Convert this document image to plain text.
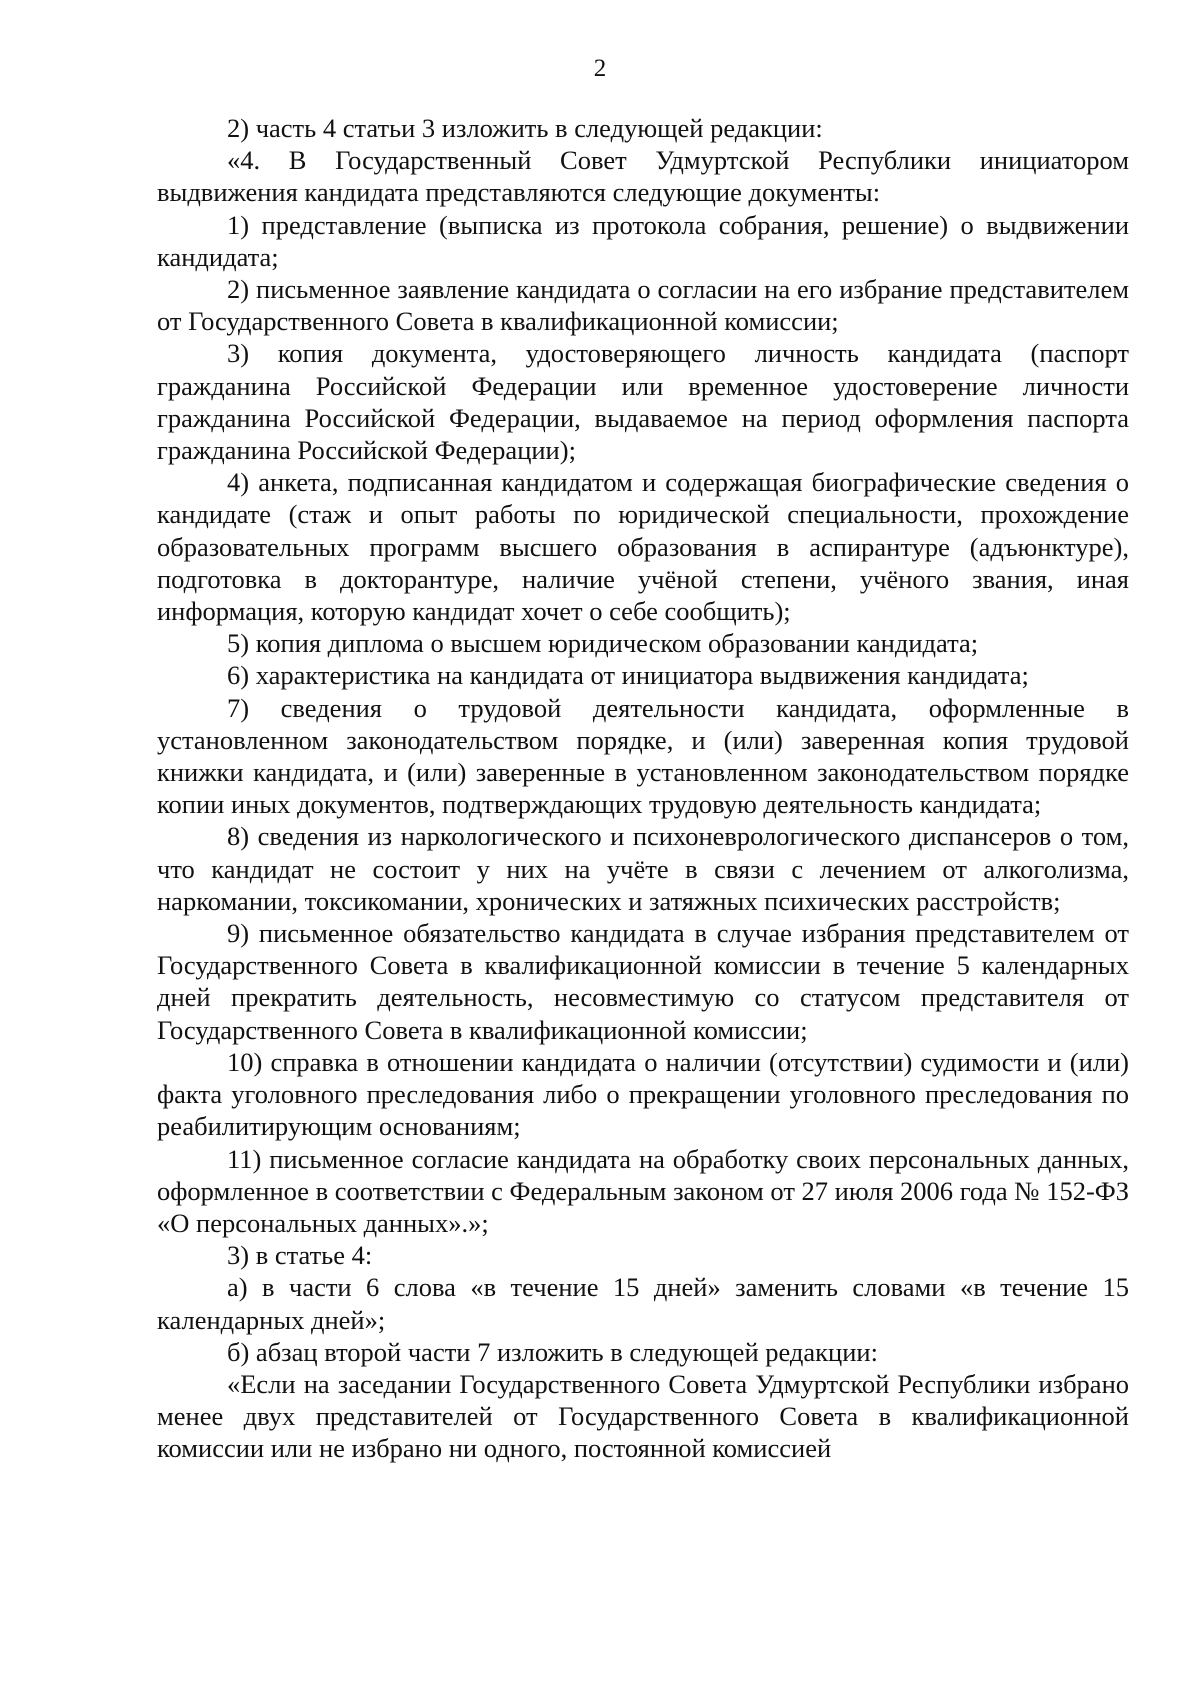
2

2) часть 4 статьи 3 изложить в следующей редакции:

«4. В Государственный Совет Удмуртской Республики инициатором выдвижения кандидата представляются следующие документы:

1) представление (выписка из протокола собрания, решение) о выдвижении кандидата;

2) письменное заявление кандидата о согласии на его избрание представителем от Государственного Совета в квалификационной комиссии;

3) копия документа, удостоверяющего личность кандидата (паспорт гражданина Российской Федерации или временное удостоверение личности гражданина Российской Федерации, выдаваемое на период оформления паспорта гражданина Российской Федерации);

4) анкета, подписанная кандидатом и содержащая биографические сведения о кандидате (стаж и опыт работы по юридической специальности, прохождение образовательных программ высшего образования в аспирантуре (адъюнктуре), подготовка в докторантуре, наличие учёной степени, учёного звания, иная информация, которую кандидат хочет о себе сообщить);

5) копия диплома о высшем юридическом образовании кандидата;

6) характеристика на кандидата от инициатора выдвижения кандидата;

7) сведения о трудовой деятельности кандидата, оформленные в установленном законодательством порядке, и (или) заверенная копия трудовой книжки кандидата, и (или) заверенные в установленном законодательством порядке копии иных документов, подтверждающих трудовую деятельность кандидата;

8) сведения из наркологического и психоневрологического диспансеров о том, что кандидат не состоит у них на учёте в связи с лечением от алкоголизма, наркомании, токсикомании, хронических и затяжных психических расстройств;

9) письменное обязательство кандидата в случае избрания представителем от Государственного Совета в квалификационной комиссии в течение 5 календарных дней прекратить деятельность, несовместимую со статусом представителя от Государственного Совета в квалификационной комиссии;

10) справка в отношении кандидата о наличии (отсутствии) судимости и (или) факта уголовного преследования либо о прекращении уголовного преследования по реабилитирующим основаниям;

11) письменное согласие кандидата на обработку своих персональных данных, оформленное в соответствии с Федеральным законом от 27 июля 2006 года № 152-ФЗ «О персональных данных».»;

3) в статье 4:

а) в части 6 слова «в течение 15 дней» заменить словами «в течение 15 календарных дней»;

б) абзац второй части 7 изложить в следующей редакции:

«Если на заседании Государственного Совета Удмуртской Республики избрано менее двух представителей от Государственного Совета в квалификационной комиссии или не избрано ни одного, постоянной комиссией
